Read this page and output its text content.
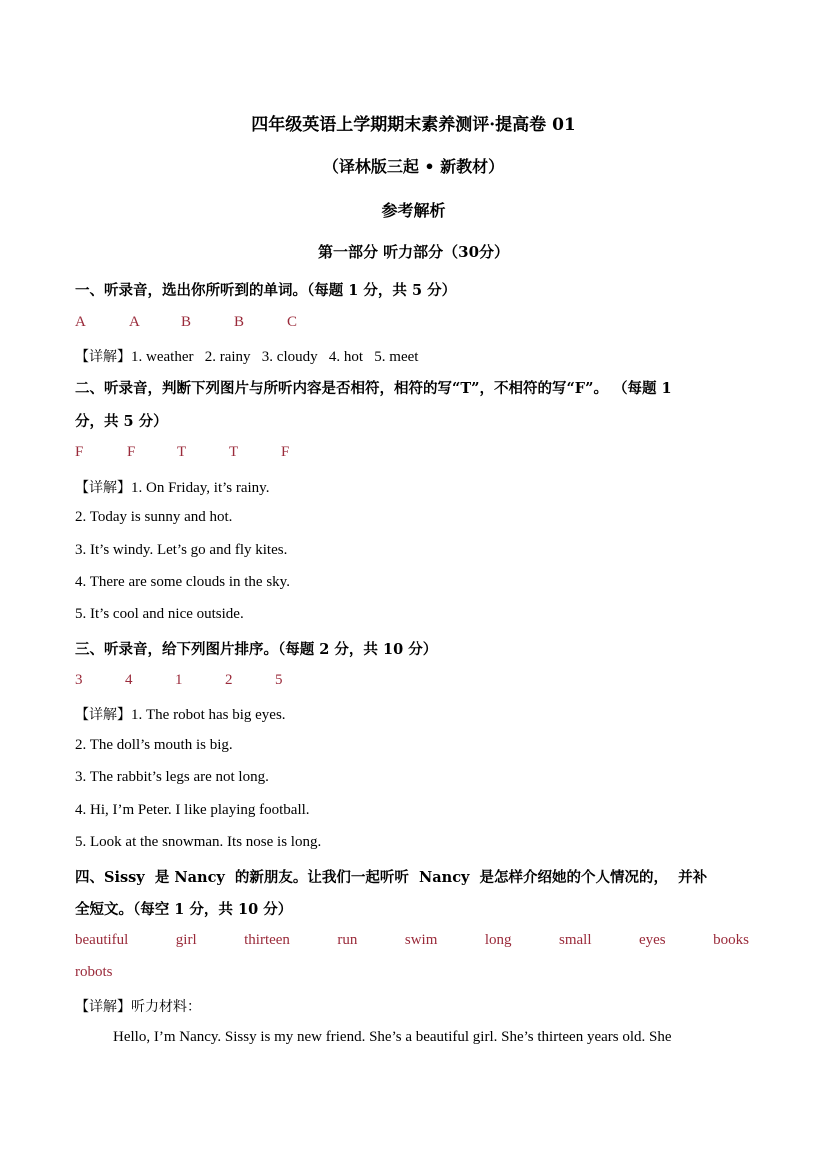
四年级英语上学期期末素养测评·提高卷 01
（译林版三起 • 新教材）
参考解析
第一部分 听力部分（30分）
一、听录音，选出你所听到的单词。（每题 1 分，共 5 分）
A	A	B	B	C
【详解】1. weather   2. rainy   3. cloudy   4. hot   5. meet
二、听录音，判断下列图片与所听内容是否相符，相符的写“T”，不相符的写“F”。 （每题 1
分，共 5 分）
F	F	T	T	F
【详解】1. On Friday, it’s rainy.
2. Today is sunny and hot.
3. It’s windy. Let’s go and fly kites.
4. There are some clouds in the sky.
5. It’s cool and nice outside.
三、听录音，给下列图片排序。（每题 2 分，共 10 分）
3	4	1	2	5
【详解】1. The robot has big eyes.
2. The doll’s mouth is big.
3. The rabbit’s legs are not long.
4. Hi, I’m Peter. I like playing football.
5. Look at the snowman. Its nose is long.
四、Sissy  是 Nancy  的新朋友。让我们一起听听  Nancy  是怎样介绍她的个人情况的，  并补
全短文。（每空 1 分，共 10 分）
beautiful	girl	thirteen	run	swim	long	small	eyes	books
robots
【详解】听力材料：
Hello, I’m Nancy. Sissy is my new friend. She’s a beautiful girl. She’s thirteen years old. She
